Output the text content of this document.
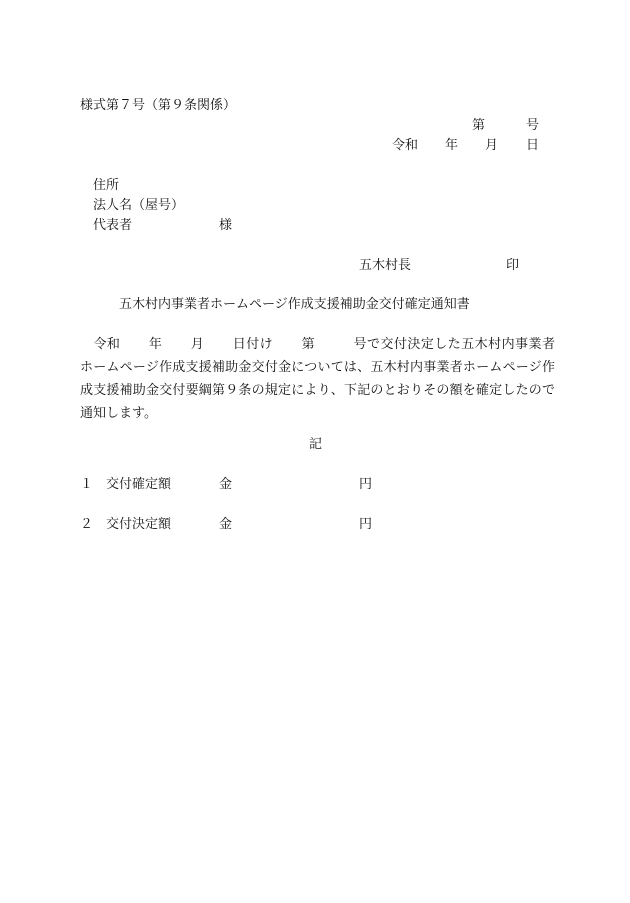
様式第７号（第９条関係）
第	号
令和 年 月 日
住所
法人名（屋号）
代表者	様
五木村長	印
五木村内事業者ホームページ作成支援補助金交付確定通知書
令和 年 月 日付け 第	号で交付決定した五木村内事業者ホームページ作成支援補助金交付金については、五木村内事業者ホームページ作成支援補助金交付要綱第９条の規定により、下記のとおりその額を確定したので通知します。
記
１ 交付確定額	金	円
２ 交付決定額	金	円
